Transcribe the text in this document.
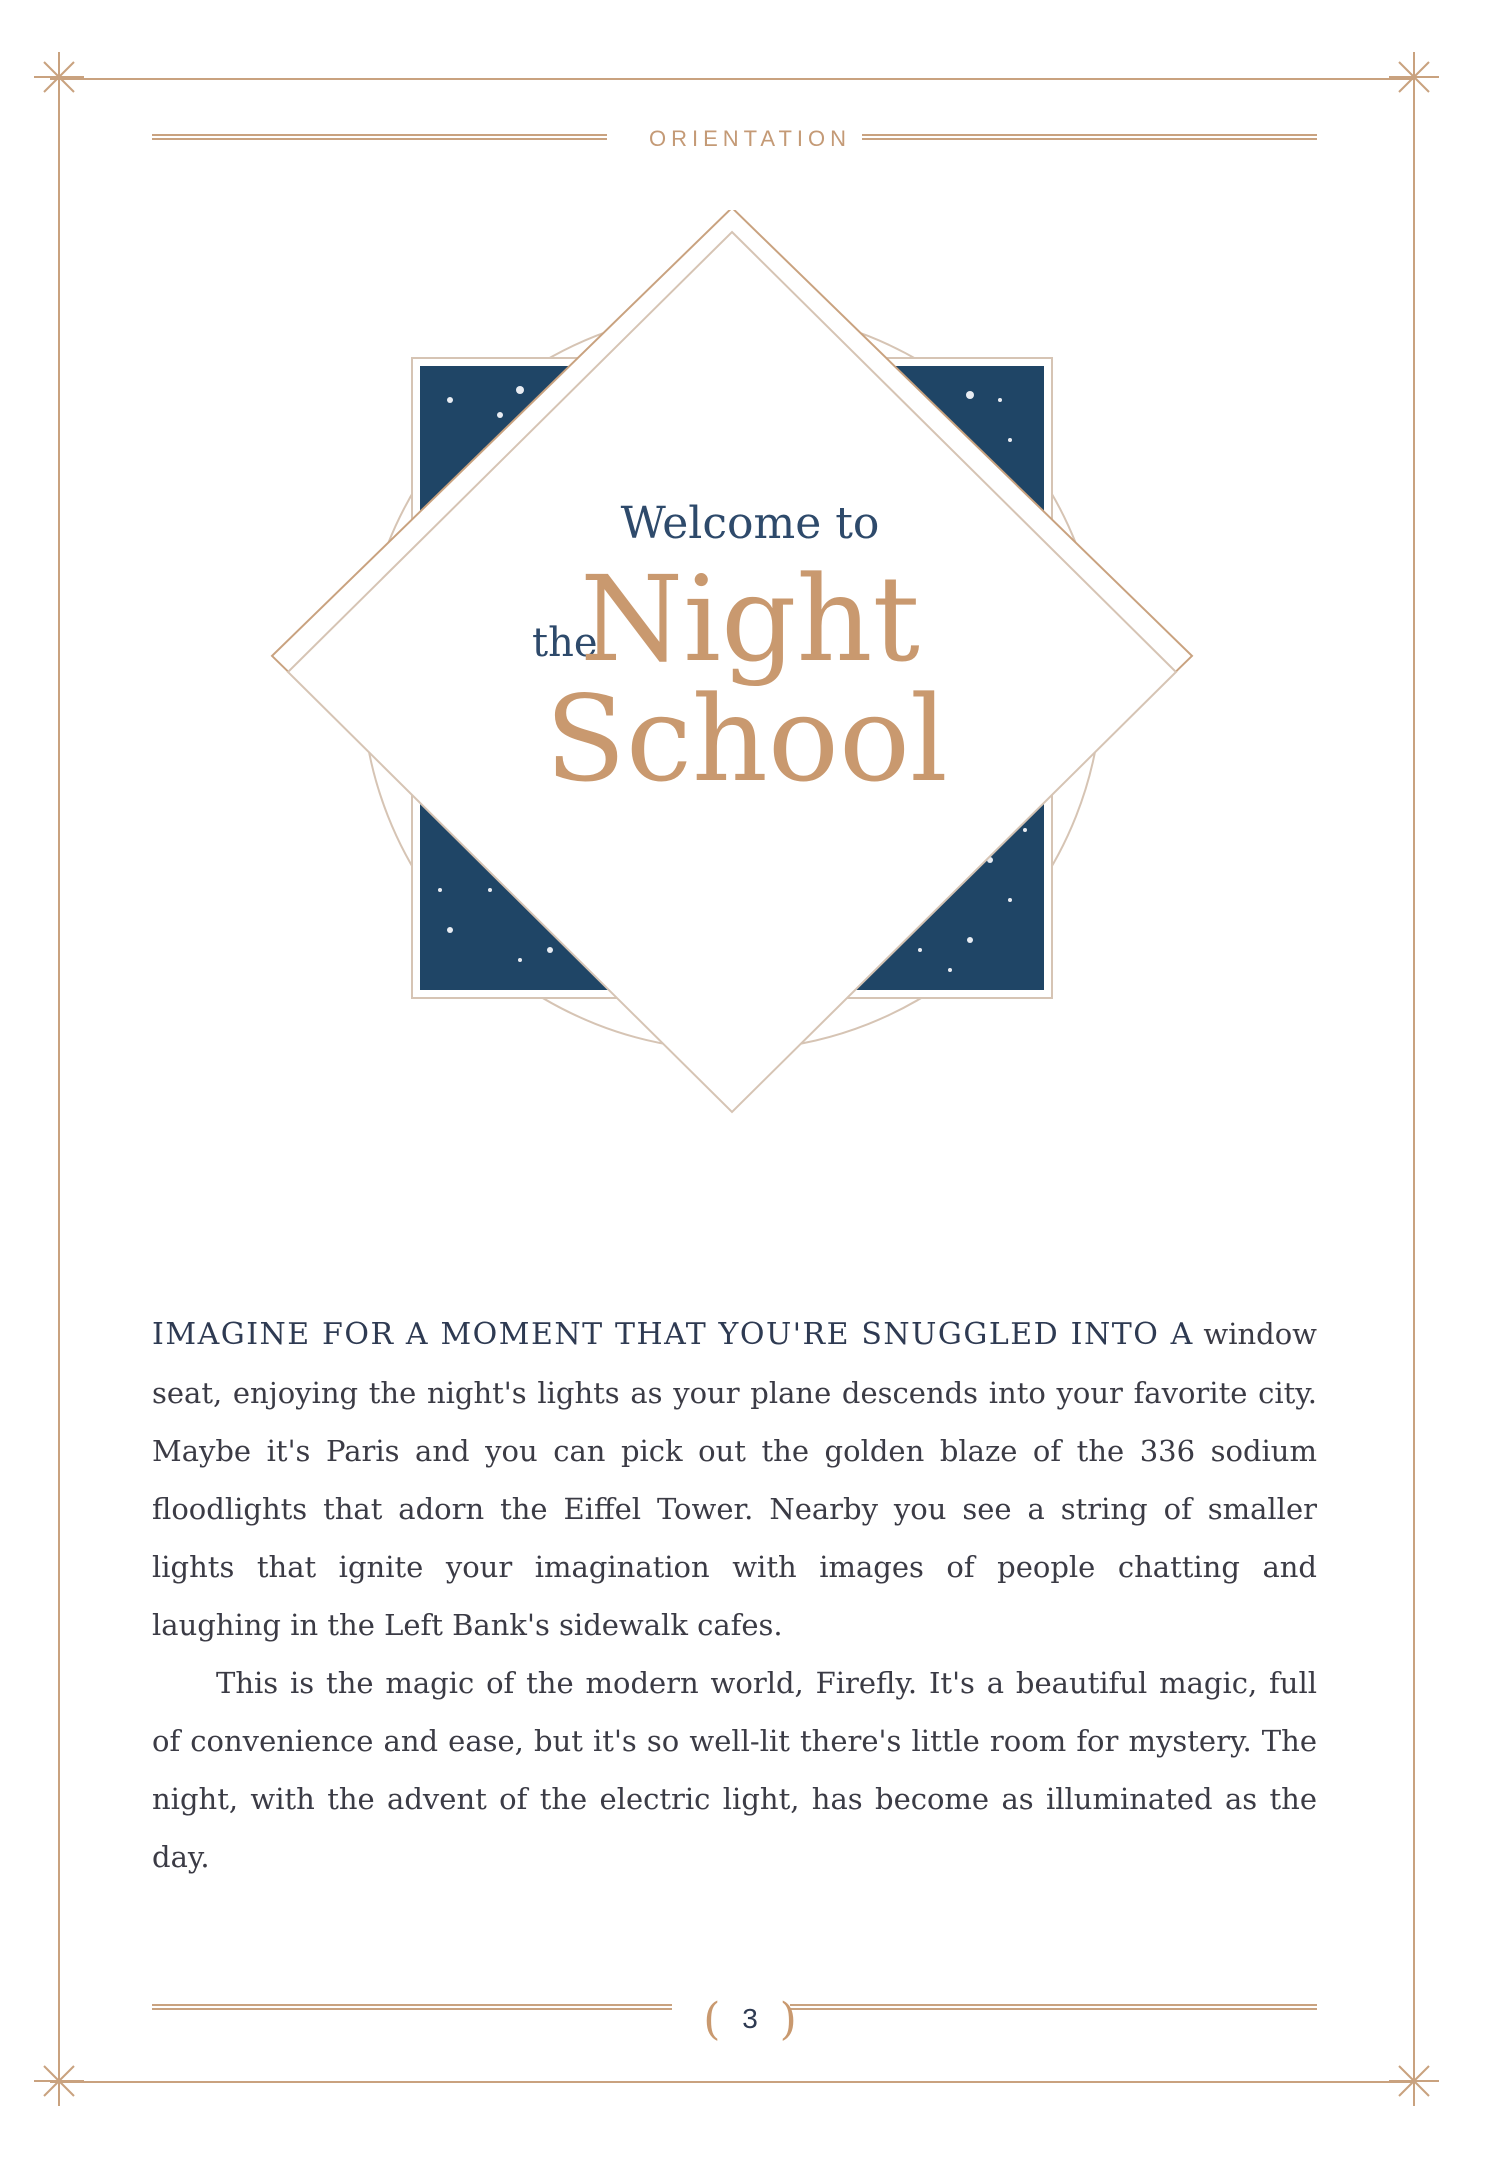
ORIENTATION
Welcome to
the
Night
School

IMAGINE FOR A MOMENT THAT YOU'RE SNUGGLED INTO A window seat, enjoying the night's lights as your plane descends into your favorite city. Maybe it's Paris and you can pick out the golden blaze of the 336 sodium floodlights that adorn the Eiffel Tower. Nearby you see a string of smaller lights that ignite your imagination with images of people chatting and laughing in the Left Bank's sidewalk cafes.

This is the magic of the modern world, Firefly. It's a beautiful magic, full of convenience and ease, but it's so well-lit there's little room for mystery. The night, with the advent of the electric light, has become as illuminated as the day.

( 3 )
